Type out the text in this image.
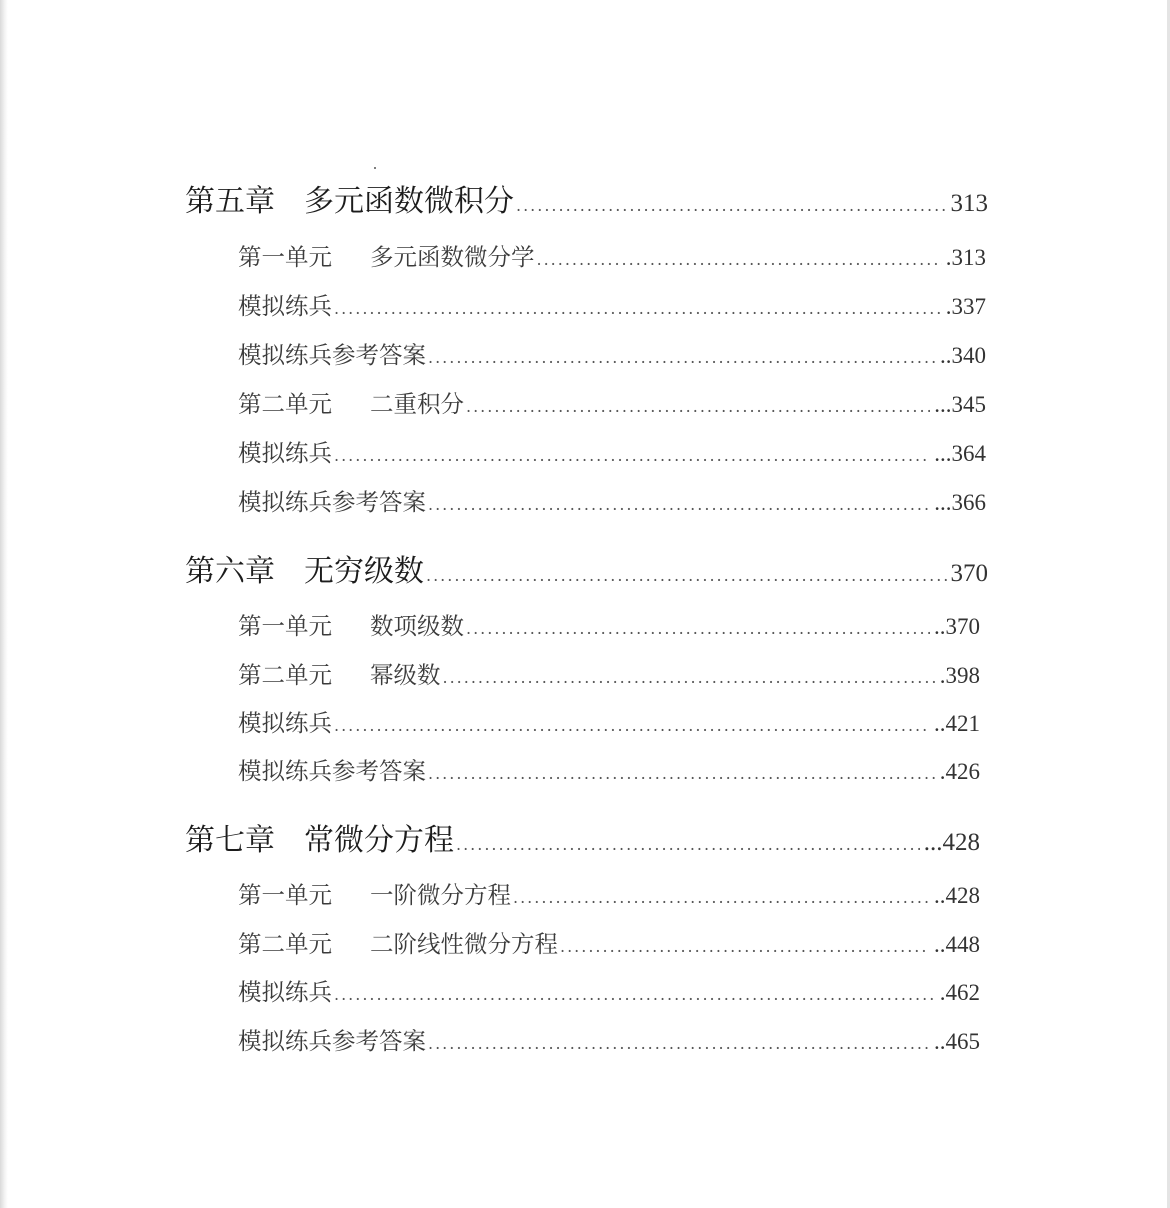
第五章 多元函数微积分 .....	313
第一单元	多元函数微分学 .....	.313
模拟练兵 .....	.337
模拟练兵参考答案 .....	..340
第二单元	二重积分 .....	...345
模拟练兵 .....	...364
模拟练兵参考答案 .....	...366
第六章 无穷级数 .....	370
第一单元	数项级数 .....	..370
第二单元	幂级数 .....	.398
模拟练兵 .....	..421
模拟练兵参考答案 .....	.426
第七章 常微分方程 .....	...428
第一单元	一阶微分方程 .....	..428
第二单元	二阶线性微分方程 .....	..448
模拟练兵 .....	.462
模拟练兵参考答案 .....	..465
